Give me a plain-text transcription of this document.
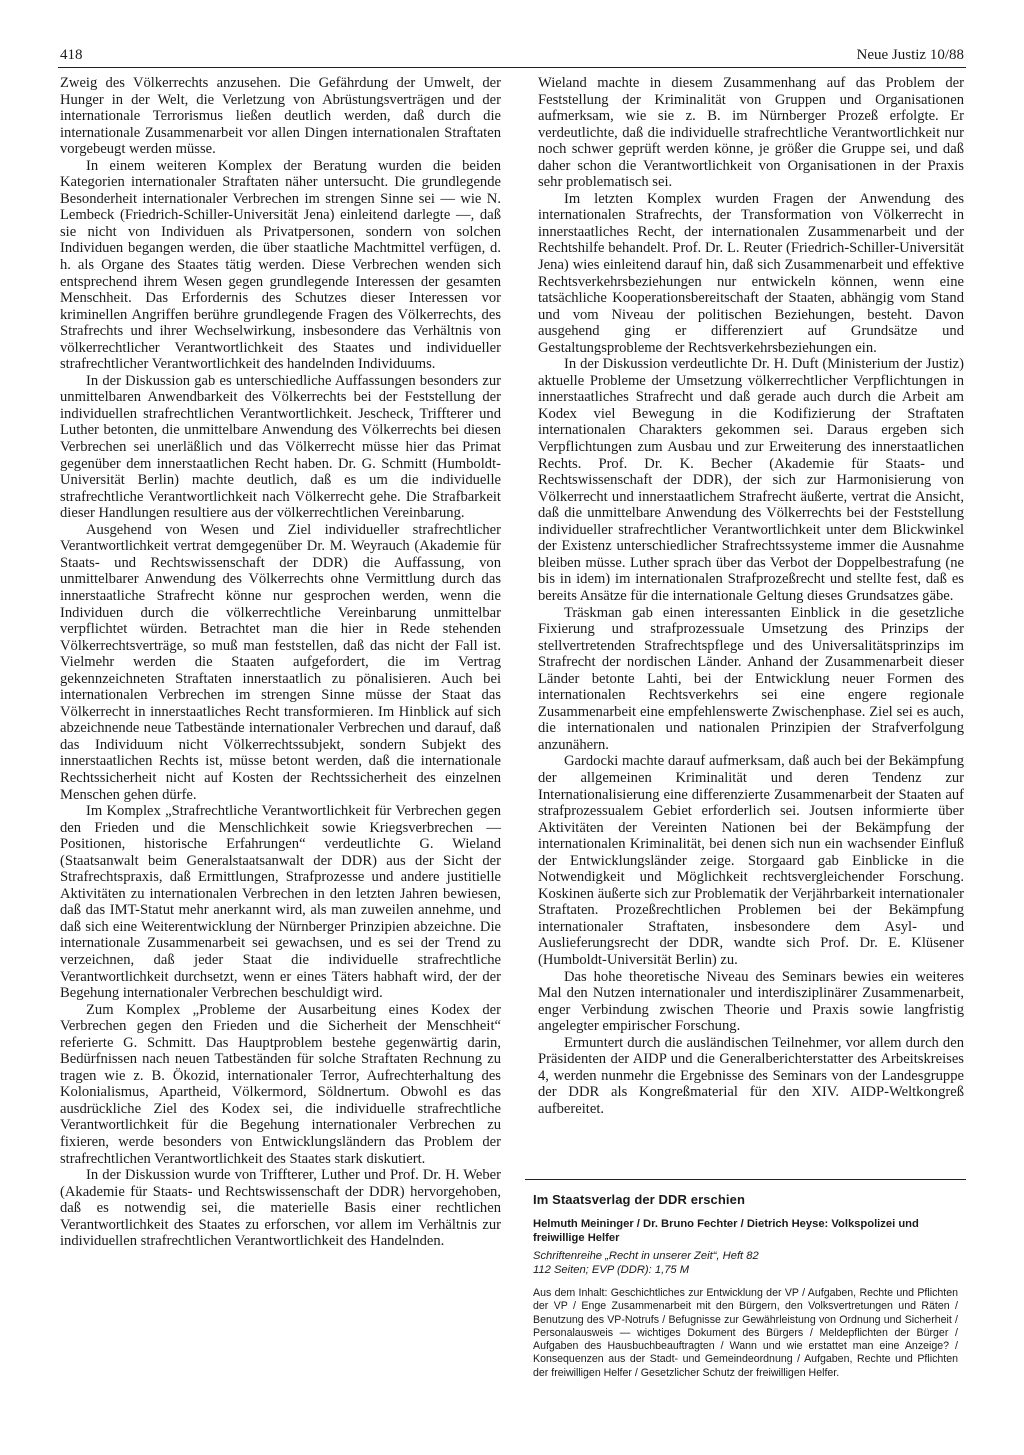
418	Neue Justiz 10/88

Zweig des Völkerrechts anzusehen. Die Gefährdung der Umwelt, der Hunger in der Welt, die Verletzung von Abrüstungsverträgen und der internationale Terrorismus ließen deutlich werden, daß durch die internationale Zusammenarbeit vor allen Dingen internationalen Straftaten vorgebeugt werden müsse.

In einem weiteren Komplex der Beratung wurden die beiden Kategorien internationaler Straftaten näher untersucht. Die grundlegende Besonderheit internationaler Verbrechen im strengen Sinne sei — wie N. Lembeck (Friedrich-Schiller-Universität Jena) einleitend darlegte —, daß sie nicht von Individuen als Privatpersonen, sondern von solchen Individuen begangen werden, die über staatliche Machtmittel verfügen, d. h. als Organe des Staates tätig werden. Diese Verbrechen wenden sich entsprechend ihrem Wesen gegen grundlegende Interessen der gesamten Menschheit. Das Erfordernis des Schutzes dieser Interessen vor kriminellen Angriffen berühre grundlegende Fragen des Völkerrechts, des Strafrechts und ihrer Wechselwirkung, insbesondere das Verhältnis von völkerrechtlicher Verantwortlichkeit des Staates und individueller strafrechtlicher Verantwortlichkeit des handelnden Individuums.

In der Diskussion gab es unterschiedliche Auffassungen besonders zur unmittelbaren Anwendbarkeit des Völkerrechts bei der Feststellung der individuellen strafrechtlichen Verantwortlichkeit. Jescheck, Triffterer und Luther betonten, die unmittelbare Anwendung des Völkerrechts bei diesen Verbrechen sei unerläßlich und das Völkerrecht müsse hier das Primat gegenüber dem innerstaatlichen Recht haben. Dr. G. Schmitt (Humboldt-Universität Berlin) machte deutlich, daß es um die individuelle strafrechtliche Verantwortlichkeit nach Völkerrecht gehe. Die Strafbarkeit dieser Handlungen resultiere aus der völkerrechtlichen Vereinbarung.

Ausgehend von Wesen und Ziel individueller strafrechtlicher Verantwortlichkeit vertrat demgegenüber Dr. M. Weyrauch (Akademie für Staats- und Rechtswissenschaft der DDR) die Auffassung, von unmittelbarer Anwendung des Völkerrechts ohne Vermittlung durch das innerstaatliche Strafrecht könne nur gesprochen werden, wenn die Individuen durch die völkerrechtliche Vereinbarung unmittelbar verpflichtet würden. Betrachtet man die hier in Rede stehenden Völkerrechtsverträge, so muß man feststellen, daß das nicht der Fall ist. Vielmehr werden die Staaten aufgefordert, die im Vertrag gekennzeichneten Straftaten innerstaatlich zu pönalisieren. Auch bei internationalen Verbrechen im strengen Sinne müsse der Staat das Völkerrecht in innerstaatliches Recht transformieren. Im Hinblick auf sich abzeichnende neue Tatbestände internationaler Verbrechen und darauf, daß das Individuum nicht Völkerrechtssubjekt, sondern Subjekt des innerstaatlichen Rechts ist, müsse betont werden, daß die internationale Rechtssicherheit nicht auf Kosten der Rechtssicherheit des einzelnen Menschen gehen dürfe.

Im Komplex „Strafrechtliche Verantwortlichkeit für Verbrechen gegen den Frieden und die Menschlichkeit sowie Kriegsverbrechen — Positionen, historische Erfahrungen“ verdeutlichte G. Wieland (Staatsanwalt beim Generalstaatsanwalt der DDR) aus der Sicht der Strafrechtspraxis, daß Ermittlungen, Strafprozesse und andere justitielle Aktivitäten zu internationalen Verbrechen in den letzten Jahren bewiesen, daß das IMT-Statut mehr anerkannt wird, als man zuweilen annehme, und daß sich eine Weiterentwicklung der Nürnberger Prinzipien abzeichne. Die internationale Zusammenarbeit sei gewachsen, und es sei der Trend zu verzeichnen, daß jeder Staat die individuelle strafrechtliche Verantwortlichkeit durchsetzt, wenn er eines Täters habhaft wird, der der Begehung internationaler Verbrechen beschuldigt wird.

Zum Komplex „Probleme der Ausarbeitung eines Kodex der Verbrechen gegen den Frieden und die Sicherheit der Menschheit“ referierte G. Schmitt. Das Hauptproblem bestehe gegenwärtig darin, Bedürfnissen nach neuen Tatbeständen für solche Straftaten Rechnung zu tragen wie z. B. Ökozid, internationaler Terror, Aufrechterhaltung des Kolonialismus, Apartheid, Völkermord, Söldnertum. Obwohl es das ausdrückliche Ziel des Kodex sei, die individuelle strafrechtliche Verantwortlichkeit für die Begehung internationaler Verbrechen zu fixieren, werde besonders von Entwicklungsländern das Problem der strafrechtlichen Verantwortlichkeit des Staates stark diskutiert.

In der Diskussion wurde von Triffterer, Luther und Prof. Dr. H. Weber (Akademie für Staats- und Rechtswissenschaft der DDR) hervorgehoben, daß es notwendig sei, die materielle Basis einer rechtlichen Verantwortlichkeit des Staates zu erforschen, vor allem im Verhältnis zur individuellen strafrechtlichen Verantwortlichkeit des Handelnden.

Wieland machte in diesem Zusammenhang auf das Problem der Feststellung der Kriminalität von Gruppen und Organisationen aufmerksam, wie sie z. B. im Nürnberger Prozeß erfolgte. Er verdeutlichte, daß die individuelle strafrechtliche Verantwortlichkeit nur noch schwer geprüft werden könne, je größer die Gruppe sei, und daß daher schon die Verantwortlichkeit von Organisationen in der Praxis sehr problematisch sei.

Im letzten Komplex wurden Fragen der Anwendung des internationalen Strafrechts, der Transformation von Völkerrecht in innerstaatliches Recht, der internationalen Zusammenarbeit und der Rechtshilfe behandelt. Prof. Dr. L. Reuter (Friedrich-Schiller-Universität Jena) wies einleitend darauf hin, daß sich Zusammenarbeit und effektive Rechtsverkehrsbeziehungen nur entwickeln können, wenn eine tatsächliche Kooperationsbereitschaft der Staaten, abhängig vom Stand und vom Niveau der politischen Beziehungen, besteht. Davon ausgehend ging er differenziert auf Grundsätze und Gestaltungsprobleme der Rechtsverkehrsbeziehungen ein.

In der Diskussion verdeutlichte Dr. H. Duft (Ministerium der Justiz) aktuelle Probleme der Umsetzung völkerrechtlicher Verpflichtungen in innerstaatliches Strafrecht und daß gerade auch durch die Arbeit am Kodex viel Bewegung in die Kodifizierung der Straftaten internationalen Charakters gekommen sei. Daraus ergeben sich Verpflichtungen zum Ausbau und zur Erweiterung des innerstaatlichen Rechts. Prof. Dr. K. Becher (Akademie für Staats- und Rechtswissenschaft der DDR), der sich zur Harmonisierung von Völkerrecht und innerstaatlichem Strafrecht äußerte, vertrat die Ansicht, daß die unmittelbare Anwendung des Völkerrechts bei der Feststellung individueller strafrechtlicher Verantwortlichkeit unter dem Blickwinkel der Existenz unterschiedlicher Strafrechtssysteme immer die Ausnahme bleiben müsse. Luther sprach über das Verbot der Doppelbestrafung (ne bis in idem) im internationalen Strafprozeßrecht und stellte fest, daß es bereits Ansätze für die internationale Geltung dieses Grundsatzes gäbe.

Träskman gab einen interessanten Einblick in die gesetzliche Fixierung und strafprozessuale Umsetzung des Prinzips der stellvertretenden Strafrechtspflege und des Universalitätsprinzips im Strafrecht der nordischen Länder. Anhand der Zusammenarbeit dieser Länder betonte Lahti, bei der Entwicklung neuer Formen des internationalen Rechtsverkehrs sei eine engere regionale Zusammenarbeit eine empfehlenswerte Zwischenphase. Ziel sei es auch, die internationalen und nationalen Prinzipien der Strafverfolgung anzunähern.

Gardocki machte darauf aufmerksam, daß auch bei der Bekämpfung der allgemeinen Kriminalität und deren Tendenz zur Internationalisierung eine differenzierte Zusammenarbeit der Staaten auf strafprozessualem Gebiet erforderlich sei. Joutsen informierte über Aktivitäten der Vereinten Nationen bei der Bekämpfung der internationalen Kriminalität, bei denen sich nun ein wachsender Einfluß der Entwicklungsländer zeige. Storgaard gab Einblicke in die Notwendigkeit und Möglichkeit rechtsvergleichender Forschung. Koskinen äußerte sich zur Problematik der Verjährbarkeit internationaler Straftaten. Prozeßrechtlichen Problemen bei der Bekämpfung internationaler Straftaten, insbesondere dem Asyl- und Auslieferungsrecht der DDR, wandte sich Prof. Dr. E. Klüsener (Humboldt-Universität Berlin) zu.

Das hohe theoretische Niveau des Seminars bewies ein weiteres Mal den Nutzen internationaler und interdisziplinärer Zusammenarbeit, enger Verbindung zwischen Theorie und Praxis sowie langfristig angelegter empirischer Forschung.

Ermuntert durch die ausländischen Teilnehmer, vor allem durch den Präsidenten der AIDP und die Generalberichterstatter des Arbeitskreises 4, werden nunmehr die Ergebnisse des Seminars von der Landesgruppe der DDR als Kongreßmaterial für den XIV. AIDP-Weltkongreß aufbereitet.

Im Staatsverlag der DDR erschien
Helmuth Meininger / Dr. Bruno Fechter / Dietrich Heyse: Volkspolizei und freiwillige Helfer
Schriftenreihe „Recht in unserer Zeit“, Heft 82
112 Seiten; EVP (DDR): 1,75 M
Aus dem Inhalt: Geschichtliches zur Entwicklung der VP / Aufgaben, Rechte und Pflichten der VP / Enge Zusammenarbeit mit den Bürgern, den Volksvertretungen und Räten / Benutzung des VP-Notrufs / Befugnisse zur Gewährleistung von Ordnung und Sicherheit / Personalausweis — wichtiges Dokument des Bürgers / Meldepflichten der Bürger / Aufgaben des Hausbuchbeauftragten / Wann und wie erstattet man eine Anzeige? / Konsequenzen aus der Stadt- und Gemeindeordnung / Aufgaben, Rechte und Pflichten der freiwilligen Helfer / Gesetzlicher Schutz der freiwilligen Helfer.
